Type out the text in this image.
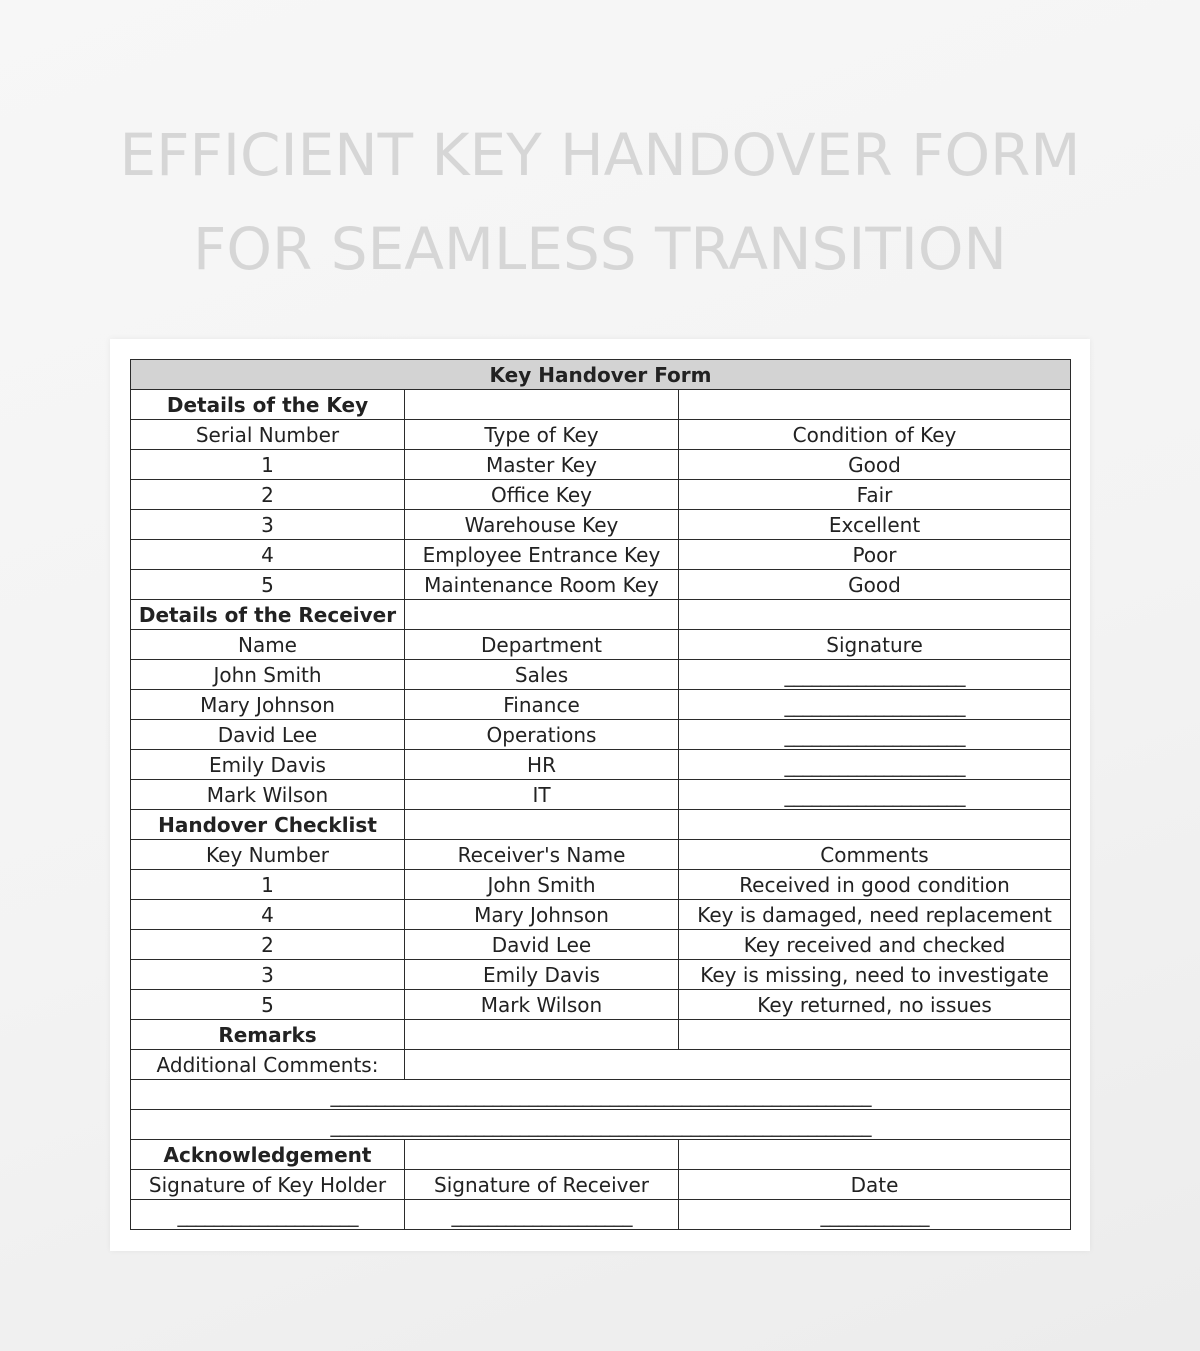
EFFICIENT KEY HANDOVER FORM
FOR SEAMLESS TRANSITION
Key Handover Form		
Details of the Key		
Serial Number	Type of Key	Condition of Key
1	Master Key	Good
2	Office Key	Fair
3	Warehouse Key	Excellent
4	Employee Entrance Key	Poor
5	Maintenance Room Key	Good
Details of the Receiver		
Name	Department	Signature
John Smith	Sales	____________________
Mary Johnson	Finance	____________________
David Lee	Operations	____________________
Emily Davis	HR	____________________
Mark Wilson	IT	____________________
Handover Checklist		
Key Number	Receiver's Name	Comments
1	John Smith	Received in good condition
4	Mary Johnson	Key is damaged, need replacement
2	David Lee	Key received and checked
3	Emily Davis	Key is missing, need to investigate
5	Mark Wilson	Key returned, no issues
Remarks		
Additional Comments:		
____________________________________________________________		
____________________________________________________________		
Acknowledgement		
Signature of Key Holder	Signature of Receiver	Date
____________________	____________________	____________
